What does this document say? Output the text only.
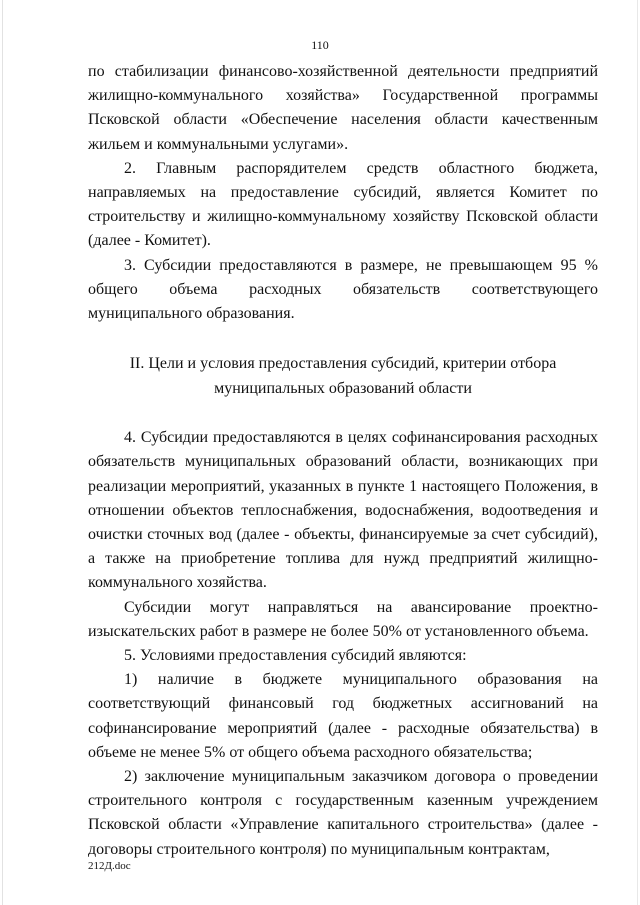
110

по стабилизации финансово-хозяйственной деятельности предприятий жилищно-коммунального хозяйства» Государственной программы Псковской области «Обеспечение населения области качественным жильем и коммунальными услугами».

2. Главным распорядителем средств областного бюджета, направляемых на предоставление субсидий, является Комитет по строительству и жилищно-коммунальному хозяйству Псковской области (далее - Комитет).

3. Субсидии предоставляются в размере, не превышающем 95 % общего объема расходных обязательств соответствующего муниципального образования.

II. Цели и условия предоставления субсидий, критерии отбора
муниципальных образований области

4. Субсидии предоставляются в целях софинансирования расходных обязательств муниципальных образований области, возникающих при реализации мероприятий, указанных в пункте 1 настоящего Положения, в отношении объектов теплоснабжения, водоснабжения, водоотведения и очистки сточных вод (далее - объекты, финансируемые за счет субсидий), а также на приобретение топлива для нужд предприятий жилищно-коммунального хозяйства.

Субсидии могут направляться на авансирование проектно-изыскательских работ в размере не более 50% от установленного объема.

5. Условиями предоставления субсидий являются:

1) наличие в бюджете муниципального образования на соответствующий финансовый год бюджетных ассигнований на софинансирование мероприятий (далее - расходные обязательства) в объеме не менее 5% от общего объема расходного обязательства;

2) заключение муниципальным заказчиком договора о проведении строительного контроля с государственным казенным учреждением Псковской области «Управление капитального строительства» (далее - договоры строительного контроля) по муниципальным контрактам,

212Д.doc
